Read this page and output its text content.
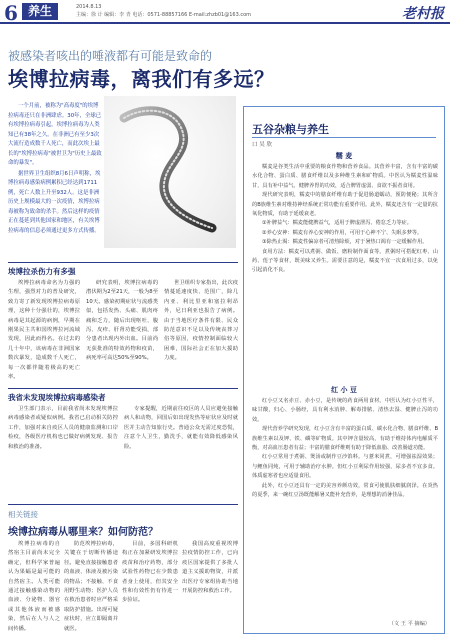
6 养生	2014.8.13
主编：徐 计 编辑：李 青 电话：0571-88857166 E-mail:zhzb01@163.com	老村报
被感染者咳出的唾液都有可能是致命的
埃博拉病毒，离我们有多远？

一个月前，被称为"高毒度"的埃博拉病毒还只在非洲肆虐。30年，全球已有埃博拉病毒引起，埃博拉病毒为人类知已有38年之久。在非洲已有至少3次大流行造成数千人死亡，而此次埃上最长的"埃博拉病毒"被世卫为"历史上最致命的暴发"。

据世界卫生组织8月6日声明称，埃博拉病毒感染病例累积已经达到1711例，死亡人数上升至932人。这是非洲历史上规模最大的一次疫情，埃博拉病毒被称为致命的杀手。然后这样的疫情正在蔓延到其他国家和地区，有关埃博拉病毒的信息必须通过更多方式传播。

埃博拉杀伤力有多强

埃博拉病毒命名为力强的生理，强烈对力的普及研究，致力寄了新发现埃博拉病毒原理，这种十分强壮的，埃博拉病毒是其起源的病例，早期在刚果民主共和国埃博拉河流域发现，因此而得名。在过去的几十年中，该病毒在非洲国家数次暴发，造成数千人死亡，每一次都伴随着极高的死亡率。

研究表明，埃博拉病毒的潜伏期为2至21天，一般为8至10天。感染初期症状与流感类似，包括发热、头痛、肌肉疼痛和乏力，随后出现呕吐、腹泻、皮疹、肝肾功能受损，部分患者出现内外出血。目前尚无获批准的特效药物和疫苗，病死率可高达50%至90%。

世卫组织专家指出，此次疫情蔓延速度快、范围广，除几内亚、利比里亚和塞拉利昂外，尼日利亚也报告了病例。由于当地医疗条件有限、民众防范意识不足以及传统丧葬习俗等原因，疫情控制面临较大困难，国际社会正在加大援助力度。

我省未发现埃博拉病毒感染者

卫生部门表示，目前我省尚未发现埃博拉病毒感染者或疑似病例。我省已启动相关防控工作，加强对来自疫区人员的健康监测和口岸检疫，各级医疗机构也已做好病例发现、报告和救治的准备。

专家提醒，近期前往疫区的人员应避免接触病人和动物，回国后如出现发热等症状应及时就医并主动告知旅行史。普通公众无需过度恐慌，注意个人卫生，勤洗手，就能有效降低感染风险。

相关链接
埃博拉病毒从哪里来？如何防范？

埃博拉病毒的自然宿主目前尚未完全确定，但科学家普遍认为果蝠是最可能的自然宿主。人类可能通过接触感染动物的血液、分泌物、器官或其他体液而被感染，然后在人与人之间传播。

防范埃博拉病毒，关键在于切断传播途径。避免直接接触患者的血液、体液及被污染的物品；不接触、不食用野生动物；医护人员在救治患者时应严格采取防护措施。出现可疑症状时，应立即隔离并就医。

目前，多国科研机构正在加紧研发埃博拉疫苗和治疗药物，部分试验性药物已在少数患者身上使用，但其安全性和有效性仍有待进一步验证。

我国高度重视埃博拉疫情防控工作，已向疫区国家提供了多批人道主义援助物资，并派出医疗专家组协助当地开展防控和救治工作。

五谷杂粮与养生
口 吴 欣
糯 麦

糯麦是谷类生活中重要的粮食作物和营养食品。其营养丰富，含有丰富的碳水化合物、蛋白质、膳食纤维以及多种维生素和矿物质。中医认为糯麦性温味甘，具有补中益气、健脾养胃的功效，适合脾胃虚弱、食欲不振者食用。

现代研究表明，糯麦中的膳食纤维有助于促进肠道蠕动，预防便秘；其所含的B族维生素对维持神经系统正常功能有重要作用。此外，糯麦还含有一定量的抗氧化物质，有助于延缓衰老。

①补脾益气：糯麦能健脾益气，适用于脾虚泄泻、倦怠乏力等症。

②养心安神：糯麦有养心安神的作用，可用于心神不宁、失眠多梦等。

③除热止渴：糯麦性偏凉者可清热除烦，对于暑热口渴有一定缓解作用。

食用方法：糯麦可以煮粥、做饭、磨粉制作面食等。煮粥时可搭配红枣、山药、莲子等食材，既美味又养生。需要注意的是，糯麦不宜一次食用过多，以免引起消化不良。

红 小 豆

红小豆又名赤豆、赤小豆，是传统的药食两用食材。中医认为红小豆性平，味甘酸，归心、小肠经，具有利水消肿、解毒排脓、清热去湿、健脾止泻的功效。

现代营养学研究发现，红小豆含有丰富的蛋白质、碳水化合物、膳食纤维、B族维生素以及钾、铁、磷等矿物质。其中钾含量较高，有助于维持体内电解质平衡，对高血压患者有益；丰富的膳食纤维则有助于降低血脂、改善肠道功能。

红小豆常用于煮粥、煲汤或制作豆沙馅料。与薏米同煮，可增强祛湿效果；与鲤鱼同炖，可用于辅助治疗水肿。但红小豆利尿作用较强，尿多者不宜多食。体质虚寒者也应适量食用。

此外，红小豆还具有一定的美容养颜功效，常食可使肌肤细腻润泽。在炎热的夏季，来一碗红豆汤既能解暑又能补充营养，是理想的消暑佳品。

（文 王 平 摘编）
